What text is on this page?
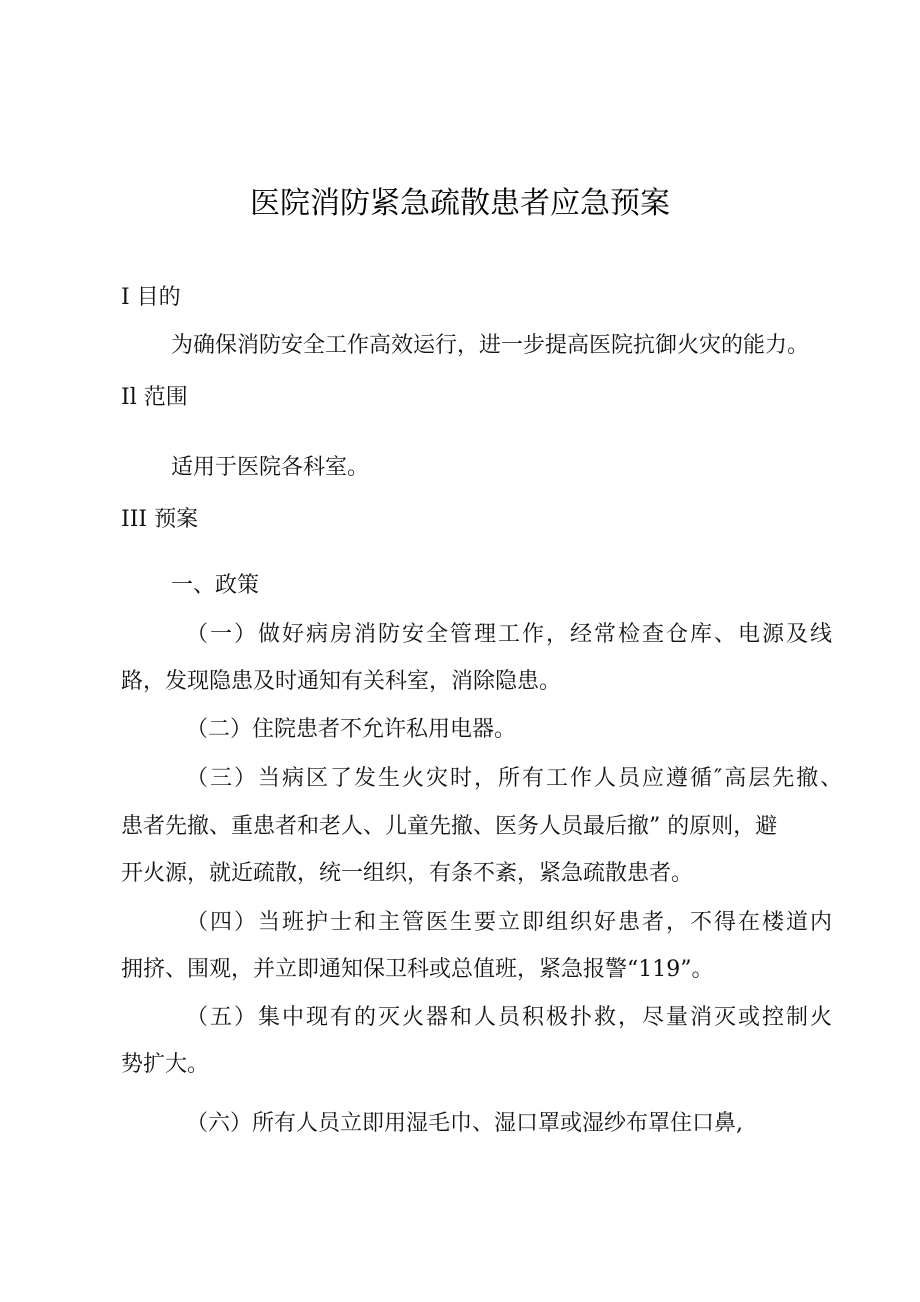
医院消防紧急疏散患者应急预案
I 目的
为确保消防安全工作高效运行，进一步提高医院抗御火灾的能力。
Il 范围
适用于医院各科室。
III 预案
一、政策
（一）做好病房消防安全管理工作，经常检查仓库、电源及线
路，发现隐患及时通知有关科室，消除隐患。
（二）住院患者不允许私用电器。
（三）当病区了发生火灾时，所有工作人员应遵循″高层先撤、
患者先撤、重患者和老人、儿童先撤、医务人员最后撤” 的原则，避
开火源，就近疏散，统一组织，有条不紊，紧急疏散患者。
（四）当班护士和主管医生要立即组织好患者，不得在楼道内
拥挤、围观，并立即通知保卫科或总值班，紧急报警“119”。
（五）集中现有的灭火器和人员积极扑救，尽量消灭或控制火
势扩大。
（六）所有人员立即用湿毛巾、湿口罩或湿纱布罩住口鼻,
